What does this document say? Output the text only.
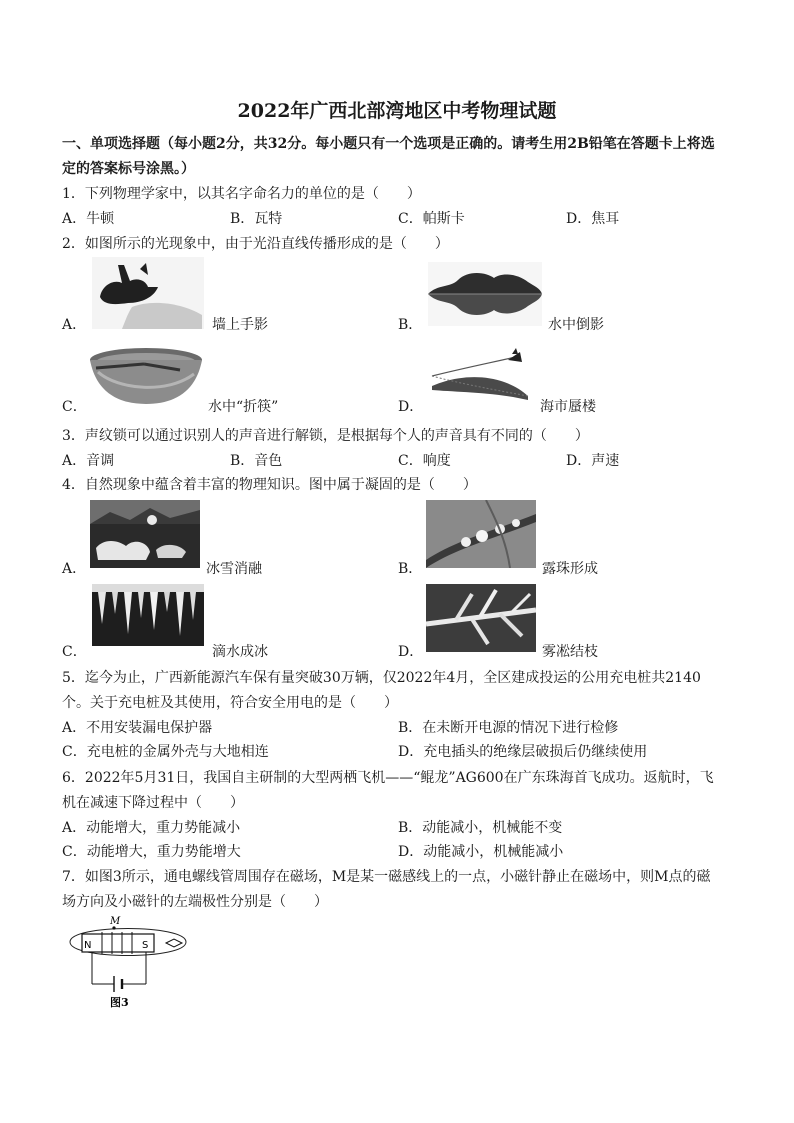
2022年广西北部湾地区中考物理试题
一、单项选择题（每小题2分，共32分。每小题只有一个选项是正确的。请考生用2B铅笔在答题卡上将选
定的答案标号涂黑。）
1．下列物理学家中，以其名字命名力的单位的是（　　）
A．牛顿	B．瓦特	C．帕斯卡	D．焦耳
2．如图所示的光现象中，由于光沿直线传播形成的是（　　）
A．	墙上手影	B．	水中倒影
C．	水中“折筷”	D．	海市蜃楼
3．声纹锁可以通过识别人的声音进行解锁，是根据每个人的声音具有不同的（　　）
A．音调	B．音色	C．响度	D．声速
4．自然现象中蕴含着丰富的物理知识。图中属于凝固的是（　　）
A．	冰雪消融	B．	露珠形成
C．	滴水成冰	D．	雾凇结枝
5．迄今为止，广西新能源汽车保有量突破30万辆，仅2022年4月，全区建成投运的公用充电桩共2140
个。关于充电桩及其使用，符合安全用电的是（　　）
A．不用安装漏电保护器	B．在未断开电源的情况下进行检修
C．充电桩的金属外壳与大地相连	D．充电插头的绝缘层破损后仍继续使用
6．2022年5月31日，我国自主研制的大型两栖飞机——“鲲龙”AG600在广东珠海首飞成功。返航时，飞
机在减速下降过程中（　　）
A．动能增大，重力势能减小	B．动能减小，机械能不变
C．动能增大，重力势能增大	D．动能减小，机械能减小
7．如图3所示，通电螺线管周围存在磁场，M是某一磁感线上的一点，小磁针静止在磁场中，则M点的磁
场方向及小磁针的左端极性分别是（　　）
M
N	S
图3
